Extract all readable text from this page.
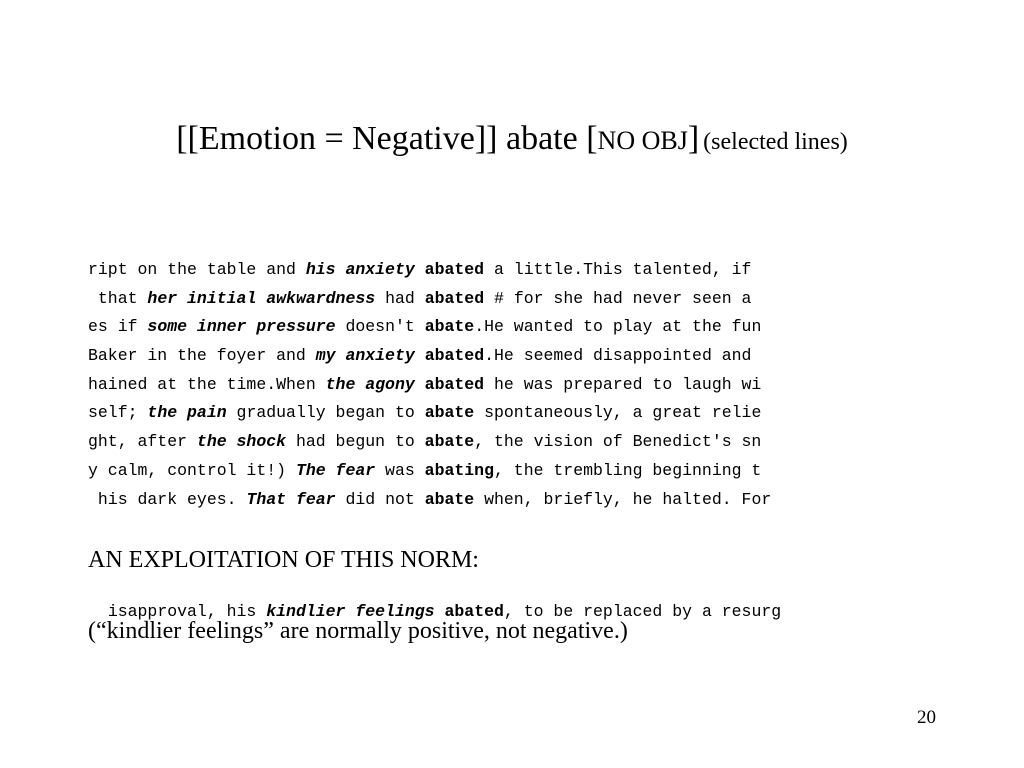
[[Emotion = Negative]] abate [NO OBJ] (selected lines)
ript on the table and his anxiety abated a little.This talented, if
that her initial awkwardness had abated # for she had never seen a
es if some inner pressure doesn't abate.He wanted to play at the fun
Baker in the foyer and my anxiety abated.He seemed disappointed and
hained at the time.When the agony abated he was prepared to laugh wi
self; the pain gradually began to abate spontaneously, a great relie
ght, after the shock had begun to abate, the vision of Benedict's sn
y calm, control it!) The fear was abating, the trembling beginning t
his dark eyes. That fear did not abate when, briefly, he halted. For
AN EXPLOITATION OF THIS NORM:

isapproval, his kindlier feelings abated, to be replaced by a resurg

(“kindlier feelings” are normally positive, not negative.)
20
